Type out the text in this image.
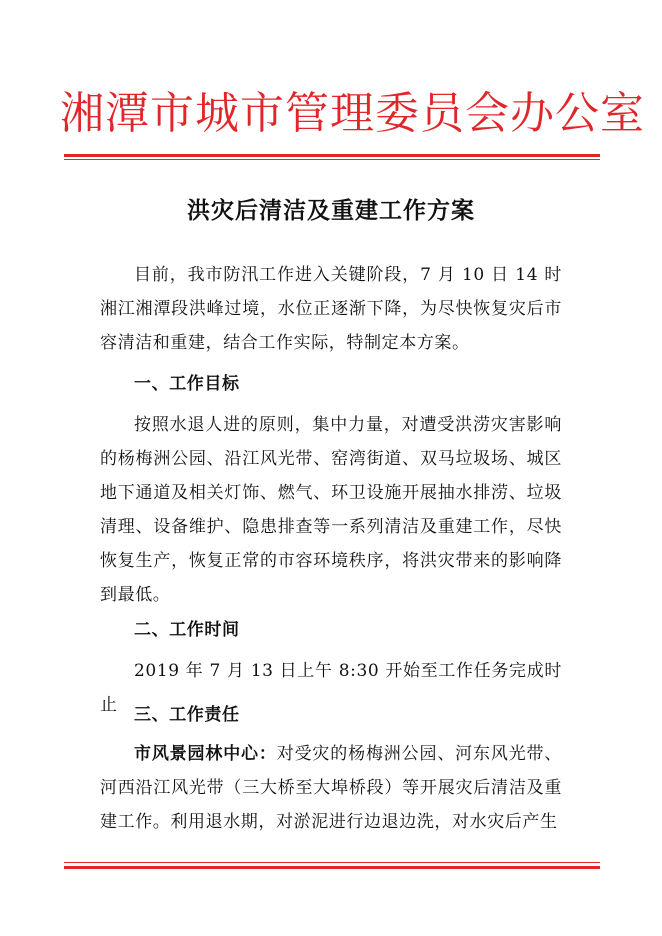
湘潭市城市管理委员会办公室
洪灾后清洁及重建工作方案

目前，我市防汛工作进入关键阶段，7 月 10 日 14 时湘江湘潭段洪峰过境，水位正逐渐下降，为尽快恢复灾后市容清洁和重建，结合工作实际，特制定本方案。

一、工作目标

按照水退人进的原则，集中力量，对遭受洪涝灾害影响的杨梅洲公园、沿江风光带、窑湾街道、双马垃圾场、城区地下通道及相关灯饰、燃气、环卫设施开展抽水排涝、垃圾清理、设备维护、隐患排查等一系列清洁及重建工作，尽快恢复生产，恢复正常的市容环境秩序，将洪灾带来的影响降到最低。

二、工作时间

2019 年 7 月 13 日上午 8:30 开始至工作任务完成时止 三、工作责任

市风景园林中心：对受灾的杨梅洲公园、河东风光带、河西沿江风光带（三大桥至大埠桥段）等开展灾后清洁及重建工作。利用退水期，对淤泥进行边退边洗，对水灾后产生
